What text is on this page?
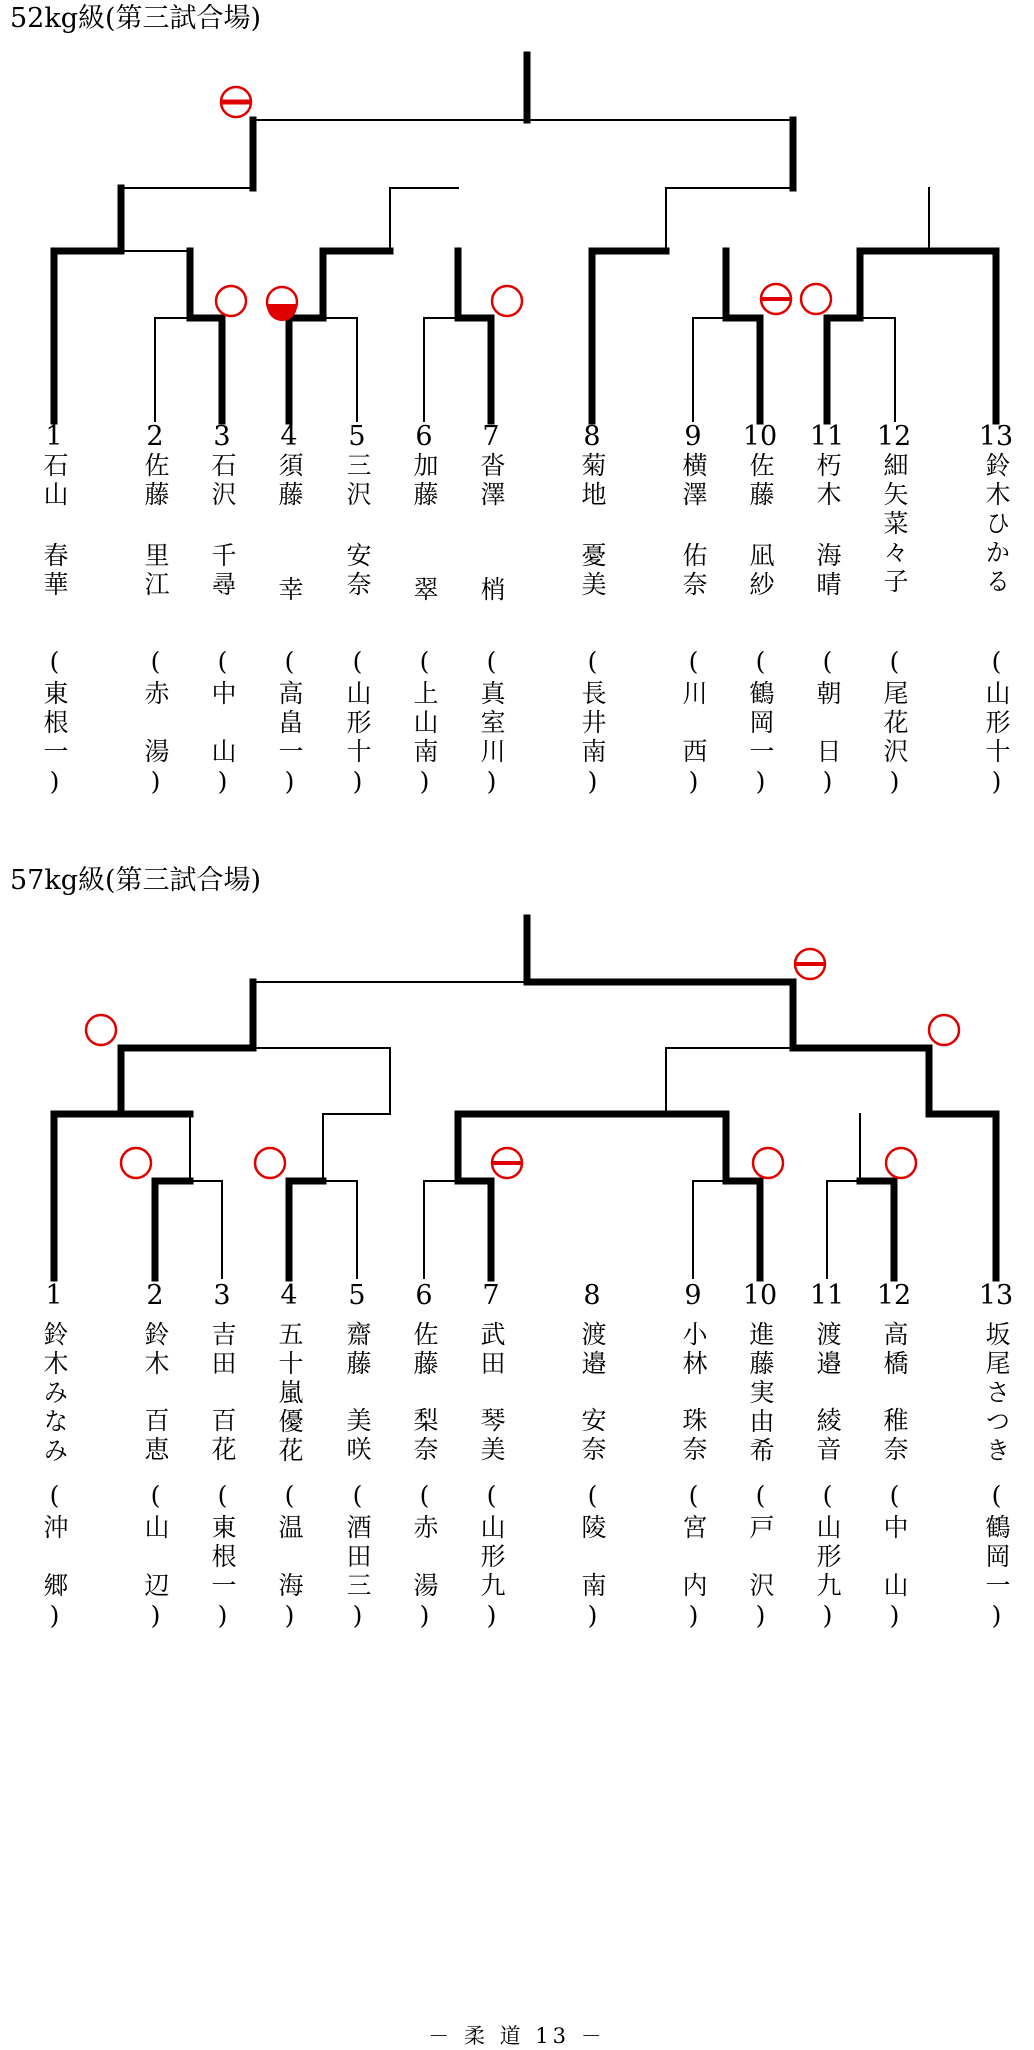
52kg級(第三試合場)
57kg級(第三試合場)
1
石山
春華
(東根一)
2
佐藤
里江
(赤　湯)
3
石沢
千尋
(中　山)
4
須藤
幸
(高畠一)
5
三沢
安奈
(山形十)
6
加藤
翠
(上山南)
7
沓澤
梢
(真室川)
8
菊地
憂美
(長井南)
9
横澤
佑奈
(川　西)
10
佐藤
凪紗
(鶴岡一)
11
朽木
海晴
(朝　日)
12
細矢菜々子
(尾花沢)
13
鈴木ひかる
(山形十)
1
鈴木みなみ
(沖　郷)
2
鈴木
百恵
(山　辺)
3
吉田
百花
(東根一)
4
五十嵐優花
(温　海)
5
齋藤
美咲
(酒田三)
6
佐藤
梨奈
(赤　湯)
7
武田
琴美
(山形九)
8
渡邉
安奈
(陵　南)
9
小林
珠奈
(宮　内)
10
進藤実由希
(戸　沢)
11
渡邉
綾音
(山形九)
12
高橋
稚奈
(中　山)
13
坂尾さつき
(鶴岡一)
－ 柔 道 13 －
